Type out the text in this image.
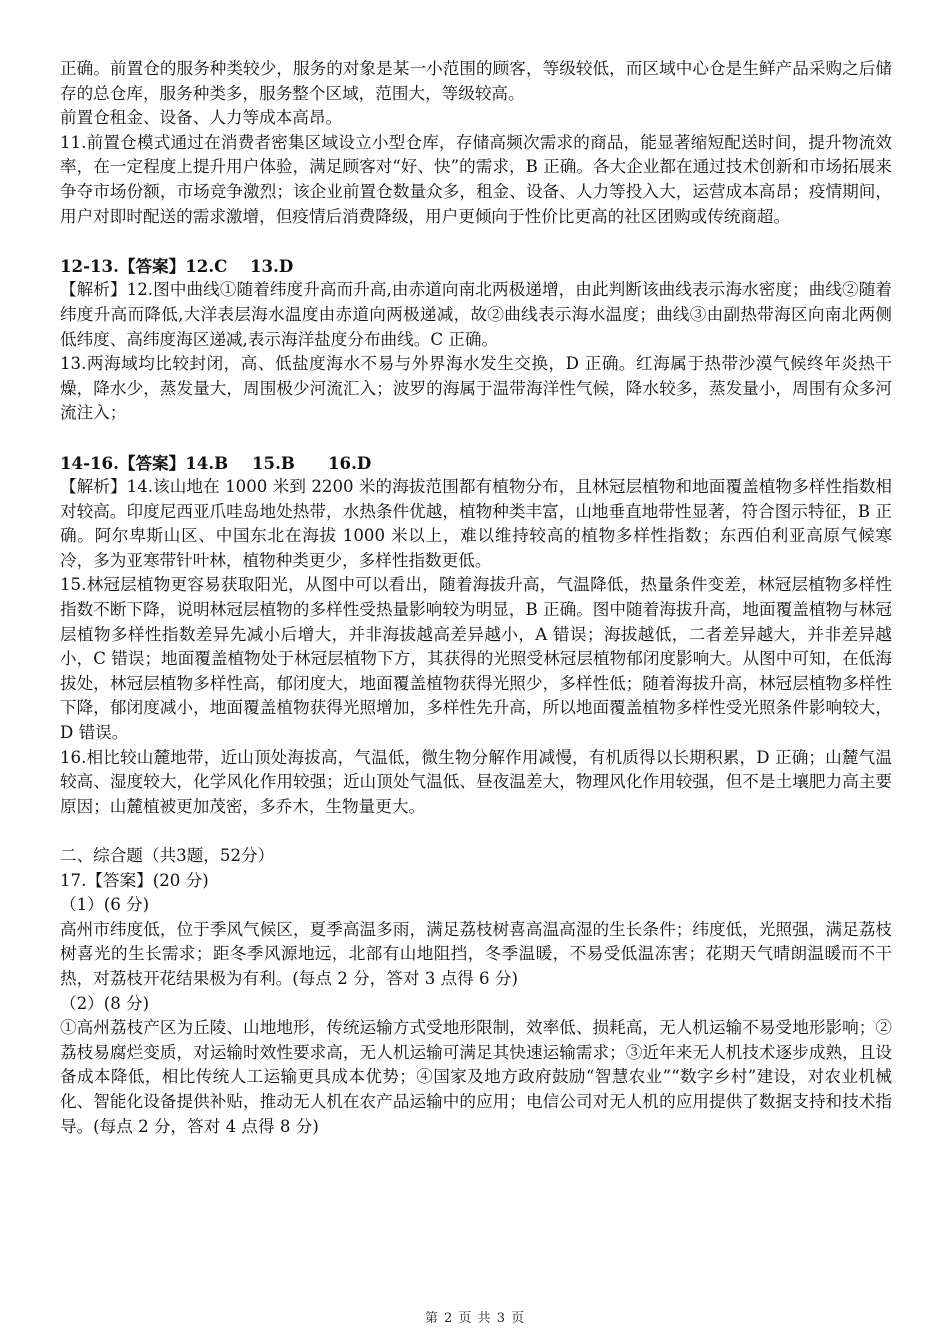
正确。前置仓的服务种类较少，服务的对象是某一小范围的顾客，等级较低，而区域中心仓是生鲜产品采购之后储存的总仓库，服务种类多，服务整个区域，范围大，等级较高。

前置仓租金、设备、人力等成本高昂。

11.前置仓模式通过在消费者密集区域设立小型仓库，存储高频次需求的商品，能显著缩短配送时间，提升物流效率，在一定程度上提升用户体验，满足顾客对“好、快”的需求，B 正确。各大企业都在通过技术创新和市场拓展来争夺市场份额，市场竞争激烈；该企业前置仓数量众多，租金、设备、人力等投入大，运营成本高昂；疫情期间，用户对即时配送的需求激增，但疫情后消费降级，用户更倾向于性价比更高的社区团购或传统商超。

12-13.【答案】12.C 13.D

【解析】12.图中曲线①随着纬度升高而升高,由赤道向南北两极递增，由此判断该曲线表示海水密度；曲线②随着纬度升高而降低,大洋表层海水温度由赤道向两极递减，故②曲线表示海水温度；曲线③由副热带海区向南北两侧低纬度、高纬度海区递减,表示海洋盐度分布曲线。C 正确。

13.两海域均比较封闭，高、低盐度海水不易与外界海水发生交换，D 正确。红海属于热带沙漠气候终年炎热干燥，降水少，蒸发量大，周围极少河流汇入；波罗的海属于温带海洋性气候，降水较多，蒸发量小，周围有众多河流注入；

14-16.【答案】14.B 15.B 16.D

【解析】14.该山地在 1000 米到 2200 米的海拔范围都有植物分布，且林冠层植物和地面覆盖植物多样性指数相对较高。印度尼西亚爪哇岛地处热带，水热条件优越，植物种类丰富，山地垂直地带性显著，符合图示特征，B 正确。阿尔卑斯山区、中国东北在海拔 1000 米以上，难以维持较高的植物多样性指数；东西伯利亚高原气候寒冷，多为亚寒带针叶林，植物种类更少，多样性指数更低。

15.林冠层植物更容易获取阳光，从图中可以看出，随着海拔升高，气温降低，热量条件变差，林冠层植物多样性指数不断下降，说明林冠层植物的多样性受热量影响较为明显，B 正确。图中随着海拔升高，地面覆盖植物与林冠层植物多样性指数差异先减小后增大，并非海拔越高差异越小，A 错误；海拔越低，二者差异越大，并非差异越小，C 错误；地面覆盖植物处于林冠层植物下方，其获得的光照受林冠层植物郁闭度影响大。从图中可知，在低海拔处，林冠层植物多样性高，郁闭度大，地面覆盖植物获得光照少，多样性低；随着海拔升高，林冠层植物多样性下降，郁闭度减小，地面覆盖植物获得光照增加，多样性先升高，所以地面覆盖植物多样性受光照条件影响较大，D 错误。

16.相比较山麓地带，近山顶处海拔高，气温低，微生物分解作用减慢，有机质得以长期积累，D 正确；山麓气温较高、湿度较大，化学风化作用较强；近山顶处气温低、昼夜温差大，物理风化作用较强，但不是土壤肥力高主要原因；山麓植被更加茂密，多乔木，生物量更大。

二、综合题（共3题，52分）

17.【答案】(20 分)

（1）(6 分)

高州市纬度低，位于季风气候区，夏季高温多雨，满足荔枝树喜高温高湿的生长条件；纬度低，光照强，满足荔枝树喜光的生长需求；距冬季风源地远，北部有山地阻挡，冬季温暖，不易受低温冻害；花期天气晴朗温暖而不干热，对荔枝开花结果极为有利。(每点 2 分，答对 3 点得 6 分)

（2）(8 分)

①高州荔枝产区为丘陵、山地地形，传统运输方式受地形限制，效率低、损耗高，无人机运输不易受地形影响；②荔枝易腐烂变质，对运输时效性要求高，无人机运输可满足其快速运输需求；③近年来无人机技术逐步成熟，且设备成本降低，相比传统人工运输更具成本优势；④国家及地方政府鼓励“智慧农业”“数字乡村”建设，对农业机械化、智能化设备提供补贴，推动无人机在农产品运输中的应用；电信公司对无人机的应用提供了数据支持和技术指导。(每点 2 分，答对 4 点得 8 分)

第 2 页 共 3 页
